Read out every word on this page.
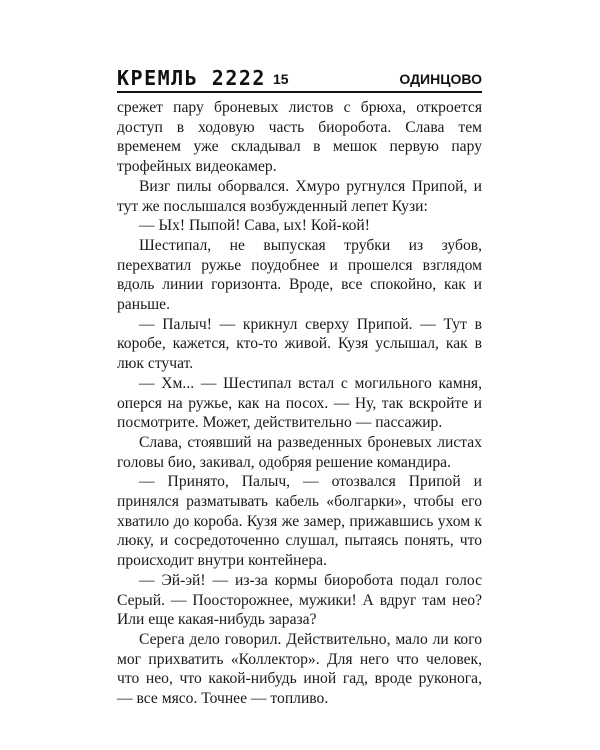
КРЕМЛЬ 2222 15	ОДИНЦОВО

срежет пару броневых листов с брюха, откроется доступ в ходовую часть биоробота. Слава тем временем уже складывал в мешок первую пару трофейных видеокамер.

Визг пилы оборвался. Хмуро ругнулся Припой, и тут же послышался возбужденный лепет Кузи:

— Ых! Пыпой! Сава, ых! Кой-кой!

Шестипал, не выпуская трубки из зубов, перехватил ружье поудобнее и прошелся взглядом вдоль линии горизонта. Вроде, все спокойно, как и раньше.

— Палыч! — крикнул сверху Припой. — Тут в коробе, кажется, кто-то живой. Кузя услышал, как в люк стучат.

— Хм... — Шестипал встал с могильного камня, оперся на ружье, как на посох. — Ну, так вскройте и посмотрите. Может, действительно — пассажир.

Слава, стоявший на разведенных броневых листах головы био, закивал, одобряя решение командира.

— Принято, Палыч, — отозвался Припой и принялся разматывать кабель «болгарки», чтобы его хватило до короба. Кузя же замер, прижавшись ухом к люку, и сосредоточенно слушал, пытаясь понять, что происходит внутри контейнера.

— Эй-эй! — из-за кормы биоробота подал голос Серый. — Поосторожнее, мужики! А вдруг там нео? Или еще какая-нибудь зараза?

Серега дело говорил. Действительно, мало ли кого мог прихватить «Коллектор». Для него что человек, что нео, что какой-нибудь иной гад, вроде руконога, — все мясо. Точнее — топливо.
